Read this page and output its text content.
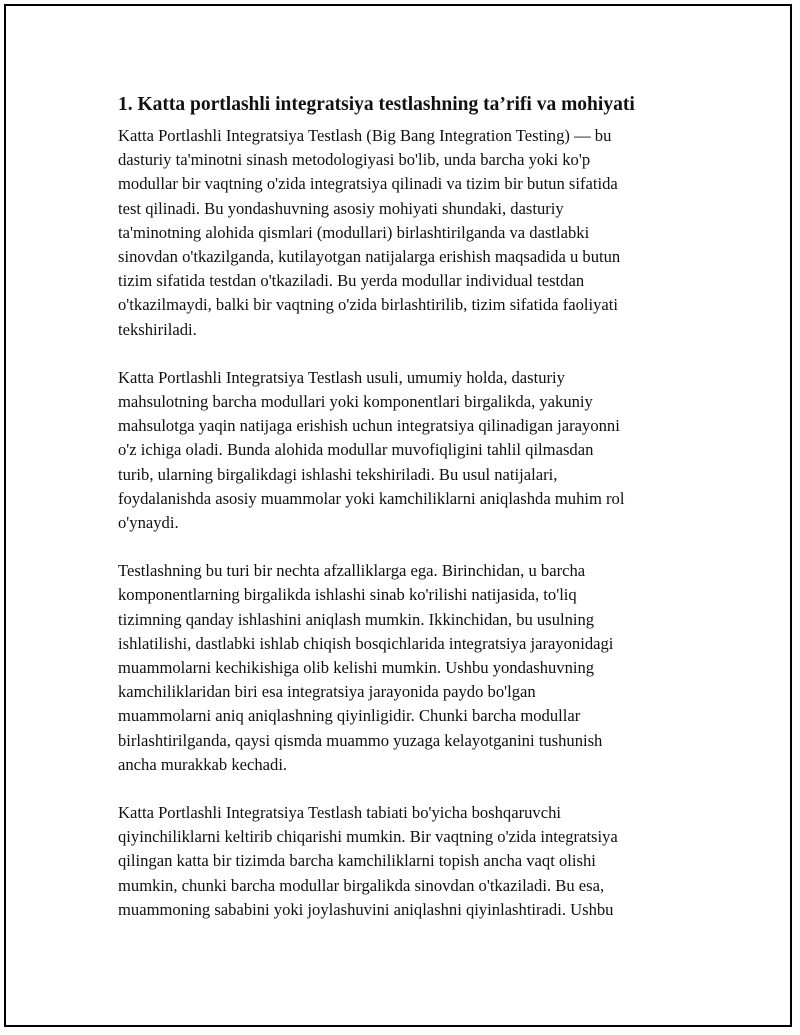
1. Katta portlashli integratsiya testlashning ta’rifi va mohiyati

Katta Portlashli Integratsiya Testlash (Big Bang Integration Testing) — bu
dasturiy ta'minotni sinash metodologiyasi bo'lib, unda barcha yoki ko'p
modullar bir vaqtning o'zida integratsiya qilinadi va tizim bir butun sifatida
test qilinadi. Bu yondashuvning asosiy mohiyati shundaki, dasturiy
ta'minotning alohida qismlari (modullari) birlashtirilganda va dastlabki
sinovdan o'tkazilganda, kutilayotgan natijalarga erishish maqsadida u butun
tizim sifatida testdan o'tkaziladi. Bu yerda modullar individual testdan
o'tkazilmaydi, balki bir vaqtning o'zida birlashtirilib, tizim sifatida faoliyati
tekshiriladi.

Katta Portlashli Integratsiya Testlash usuli, umumiy holda, dasturiy
mahsulotning barcha modullari yoki komponentlari birgalikda, yakuniy
mahsulotga yaqin natijaga erishish uchun integratsiya qilinadigan jarayonni
o'z ichiga oladi. Bunda alohida modullar muvofiqligini tahlil qilmasdan
turib, ularning birgalikdagi ishlashi tekshiriladi. Bu usul natijalari,
foydalanishda asosiy muammolar yoki kamchiliklarni aniqlashda muhim rol
o'ynaydi.

Testlashning bu turi bir nechta afzalliklarga ega. Birinchidan, u barcha
komponentlarning birgalikda ishlashi sinab ko'rilishi natijasida, to'liq
tizimning qanday ishlashini aniqlash mumkin. Ikkinchidan, bu usulning
ishlatilishi, dastlabki ishlab chiqish bosqichlarida integratsiya jarayonidagi
muammolarni kechikishiga olib kelishi mumkin. Ushbu yondashuvning
kamchiliklaridan biri esa integratsiya jarayonida paydo bo'lgan
muammolarni aniq aniqlashning qiyinligidir. Chunki barcha modullar
birlashtirilganda, qaysi qismda muammo yuzaga kelayotganini tushunish
ancha murakkab kechadi.

Katta Portlashli Integratsiya Testlash tabiati bo'yicha boshqaruvchi
qiyinchiliklarni keltirib chiqarishi mumkin. Bir vaqtning o'zida integratsiya
qilingan katta bir tizimda barcha kamchiliklarni topish ancha vaqt olishi
mumkin, chunki barcha modullar birgalikda sinovdan o'tkaziladi. Bu esa,
muammoning sababini yoki joylashuvini aniqlashni qiyinlashtiradi. Ushbu
